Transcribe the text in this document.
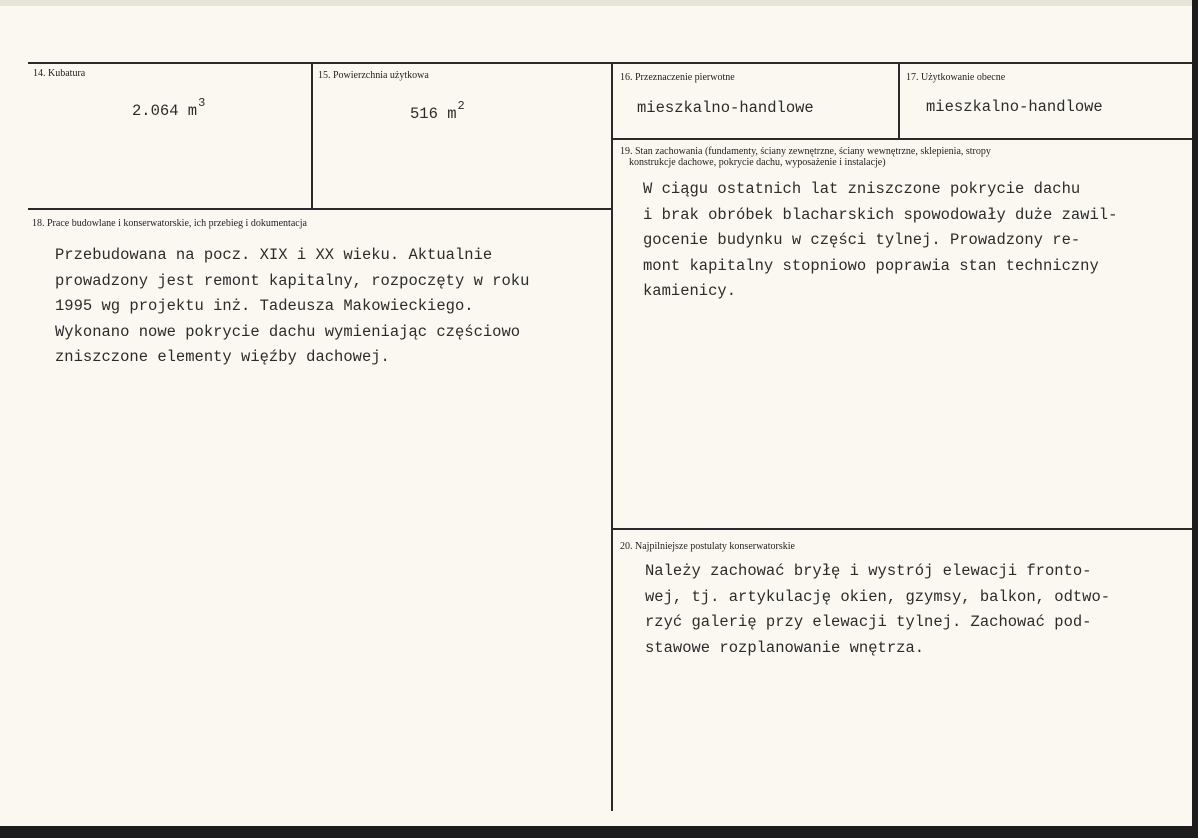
14. Kubatura
2.064 $m^3$
15. Powierzchnia użytkowa
516 $m^2$
16. Przeznaczenie pierwotne
mieszkalno-handlowe
17. Użytkowanie obecne
mieszkalno-handlowe
19. Stan zachowania (fundamenty, ściany zewnętrzne, ściany wewnętrzne, sklepienia, stropy
konstrukcje dachowe, pokrycie dachu, wyposażenie i instalacje)
W ciągu ostatnich lat zniszczone pokrycie dachu
i brak obróbek blacharskich spowodowały duże zawil-
gocenie budynku w części tylnej. Prowadzony re-
mont kapitalny stopniowo poprawia stan techniczny
kamienicy.
18. Prace budowlane i konserwatorskie, ich przebieg i dokumentacja
Przebudowana na pocz. XIX i XX wieku. Aktualnie
prowadzony jest remont kapitalny, rozpoczęty w roku
1995 wg projektu inż. Tadeusza Makowieckiego.
Wykonano nowe pokrycie dachu wymieniając częściowo
zniszczone elementy więźby dachowej.
20. Najpilniejsze postulaty konserwatorskie
Należy zachować bryłę i wystrój elewacji fronto-
wej, tj. artykulację okien, gzymsy, balkon, odtwo-
rzyć galerię przy elewacji tylnej. Zachować pod-
stawowe rozplanowanie wnętrza.
